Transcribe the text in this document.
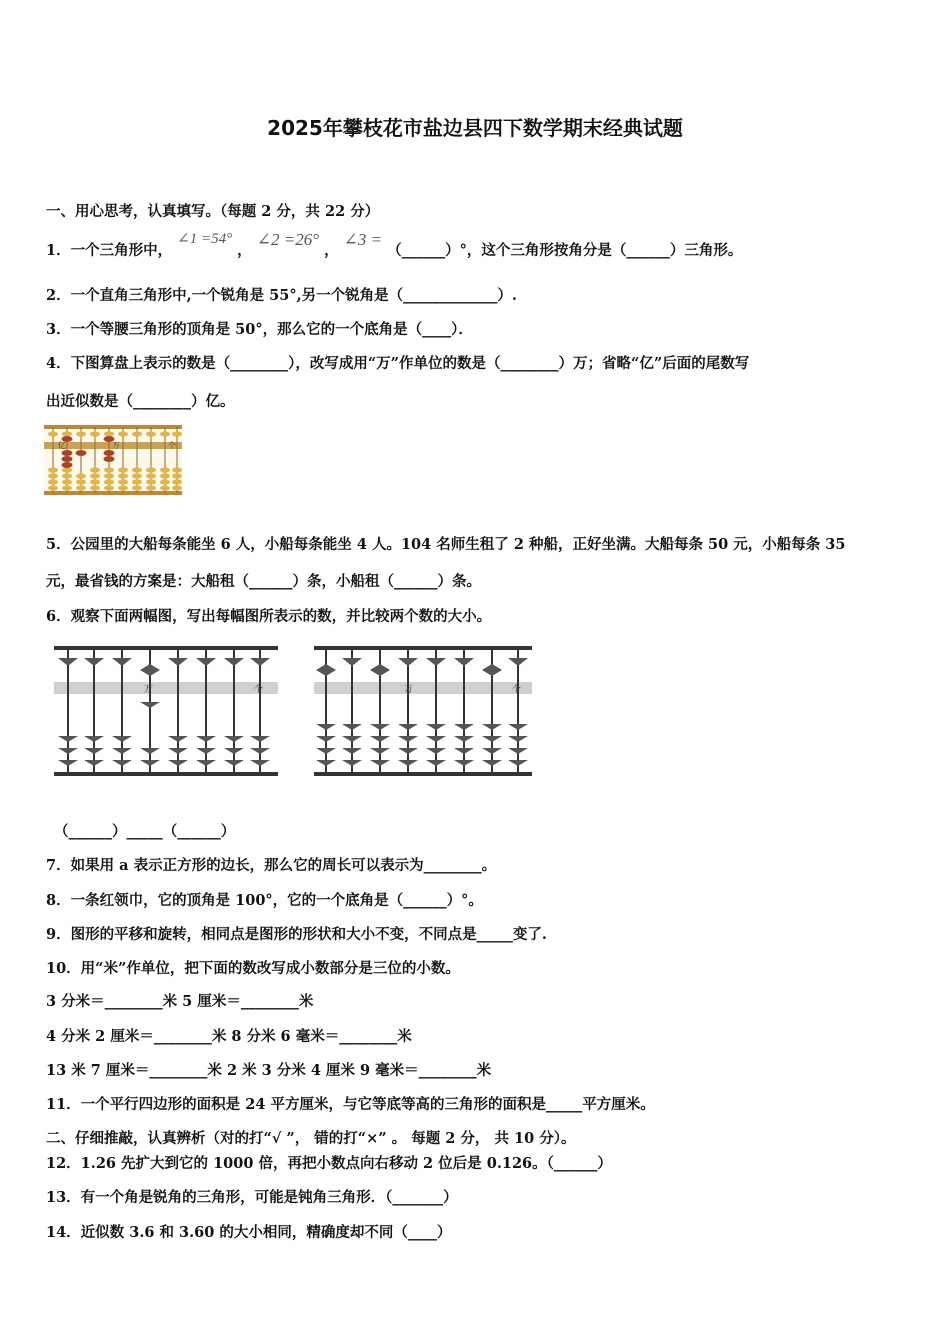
2025年攀枝花市盐边县四下数学期末经典试题
一、用心思考，认真填写。（每题 2 分，共 22 分）
1．一个三角形中， ∠1 =54° ， ∠2 =26° ， ∠3 = （______）°，这个三角形按角分是（______）三角形。
2．一个直角三角形中,一个锐角是 55°,另一个锐角是（_____________）.
3．一个等腰三角形的顶角是 50°，那么它的一个底角是（____）．
4．下图算盘上表示的数是（________），改写成用“万”作单位的数是（________）万；省略“亿”后面的尾数写
出近似数是（________）亿。
亿	万	个
5．公园里的大船每条能坐 6 人，小船每条能坐 4 人。104 名师生租了 2 种船，正好坐满。大船每条 50 元，小船每条 35
元，最省钱的方案是：大船租（______）条，小船租（______）条。
6．观察下面两幅图，写出每幅图所表示的数，并比较两个数的大小。
万	个	万	个
（______）_____（______）
7．如果用 a 表示正方形的边长，那么它的周长可以表示为________。
8．一条红领巾，它的顶角是 100°，它的一个底角是（______）°。
9．图形的平移和旋转，相同点是图形的形状和大小不变，不同点是_____变了.
10．用“米”作单位，把下面的数改写成小数部分是三位的小数。
3 分米＝________米 5 厘米＝________米
4 分米 2 厘米＝________米 8 分米 6 毫米＝________米
13 米 7 厘米＝________米 2 米 3 分米 4 厘米 9 毫米＝________米
11．一个平行四边形的面积是 24 平方厘米，与它等底等高的三角形的面积是_____平方厘米。
二、仔细推敲，认真辨析（对的打“√ ”， 错的打“×” 。 每题 2 分， 共 10 分）。
12．1.26 先扩大到它的 1000 倍，再把小数点向右移动 2 位后是 0.126。（______）
13．有一个角是锐角的三角形，可能是钝角三角形．（_______）
14．近似数 3.6 和 3.60 的大小相同，精确度却不同（____）
